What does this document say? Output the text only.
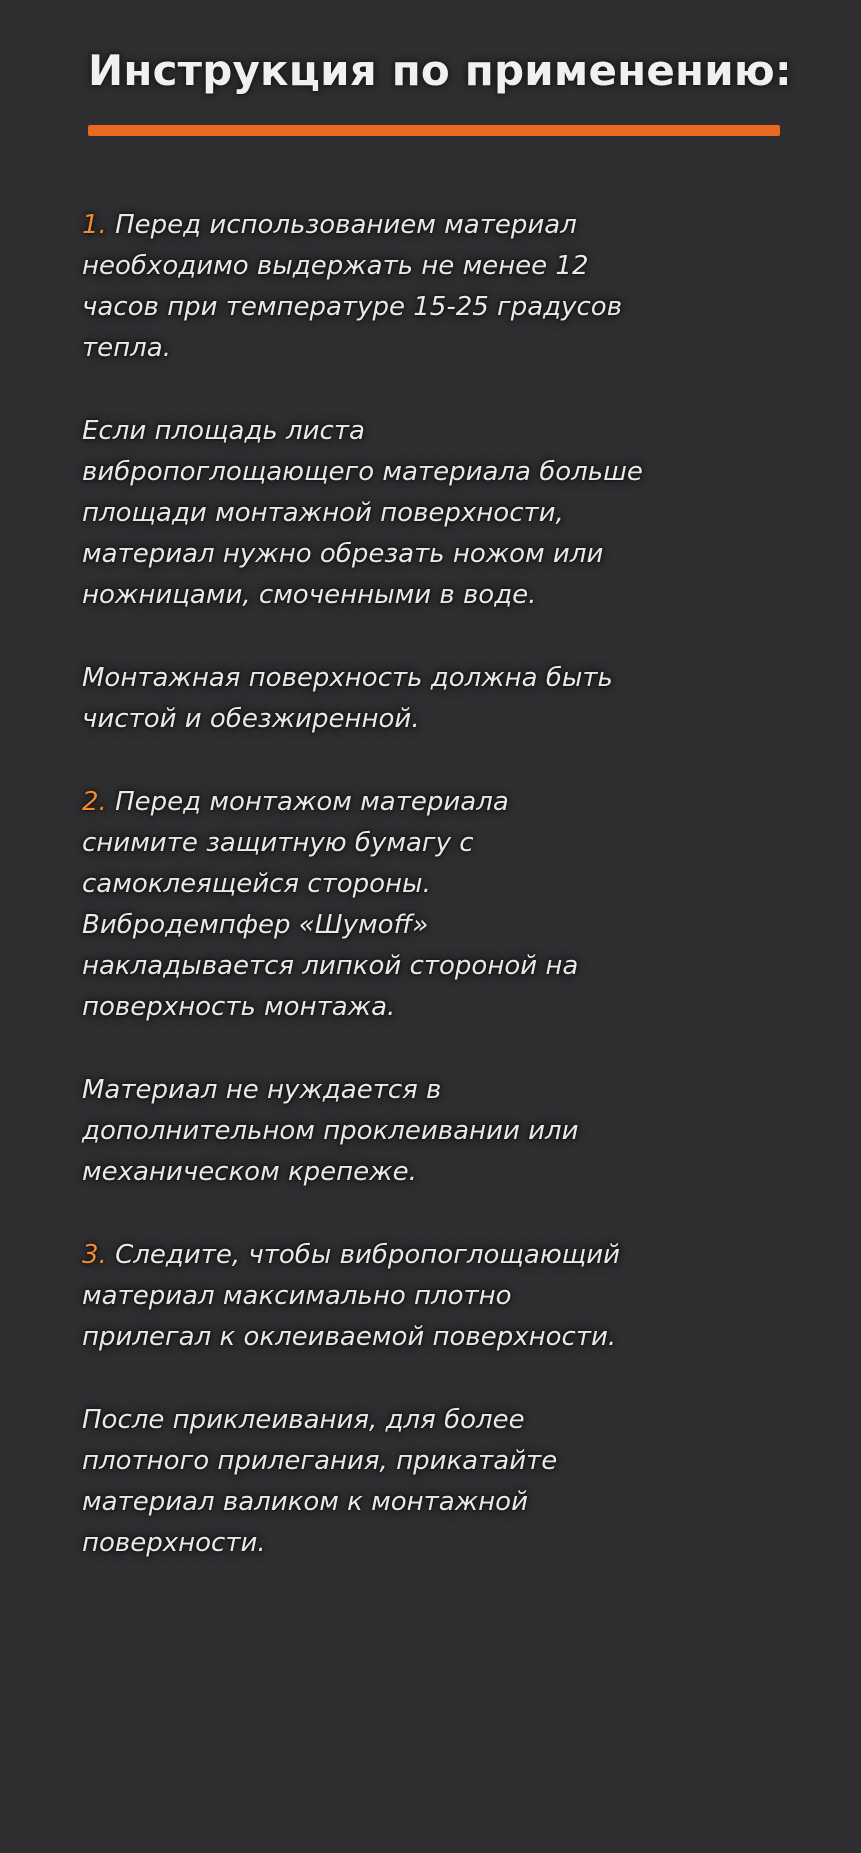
Инструкция по применению:

1. Перед использованием материал
необходимо выдержать не менее 12
часов при температуре 15-25 градусов
тепла.

Если площадь листа
вибропоглощающего материала больше
площади монтажной поверхности,
материал нужно обрезать ножом или
ножницами, смоченными в воде.

Монтажная поверхность должна быть
чистой и обезжиренной.

2. Перед монтажом материала
снимите защитную бумагу с
самоклеящейся стороны.
Вибродемпфер «Шумoff»
накладывается липкой стороной на
поверхность монтажа.

Материал не нуждается в
дополнительном проклеивании или
механическом крепеже.

3. Следите, чтобы вибропоглощающий
материал максимально плотно
прилегал к оклеиваемой поверхности.

После приклеивания, для более
плотного прилегания, прикатайте
материал валиком к монтажной
поверхности.
